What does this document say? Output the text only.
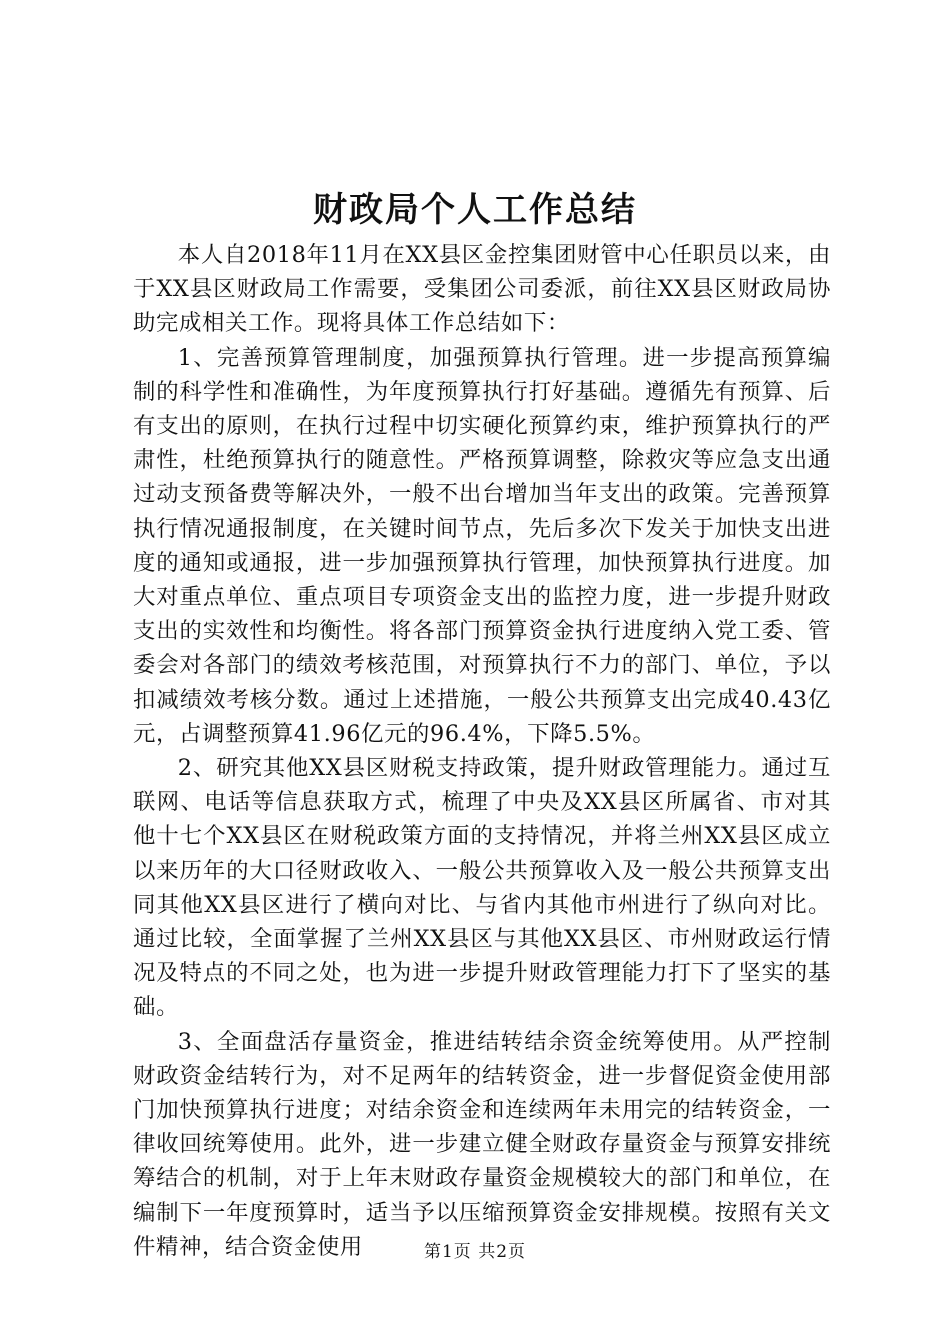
财政局个人工作总结

本人自2018年11月在XX县区金控集团财管中心任职员以来，由于XX县区财政局工作需要，受集团公司委派，前往XX县区财政局协助完成相关工作。现将具体工作总结如下：

1、完善预算管理制度，加强预算执行管理。进一步提高预算编制的科学性和准确性，为年度预算执行打好基础。遵循先有预算、后有支出的原则，在执行过程中切实硬化预算约束，维护预算执行的严肃性，杜绝预算执行的随意性。严格预算调整，除救灾等应急支出通过动支预备费等解决外，一般不出台增加当年支出的政策。完善预算执行情况通报制度，在关键时间节点，先后多次下发关于加快支出进度的通知或通报，进一步加强预算执行管理，加快预算执行进度。加大对重点单位、重点项目专项资金支出的监控力度，进一步提升财政支出的实效性和均衡性。将各部门预算资金执行进度纳入党工委、管委会对各部门的绩效考核范围，对预算执行不力的部门、单位，予以扣减绩效考核分数。通过上述措施，一般公共预算支出完成40.43亿元，占调整预算41.96亿元的96.4%，下降5.5%。

2、研究其他XX县区财税支持政策，提升财政管理能力。通过互联网、电话等信息获取方式，梳理了中央及XX县区所属省、市对其他十七个XX县区在财税政策方面的支持情况，并将兰州XX县区成立以来历年的大口径财政收入、一般公共预算收入及一般公共预算支出同其他XX县区进行了横向对比、与省内其他市州进行了纵向对比。通过比较，全面掌握了兰州XX县区与其他XX县区、市州财政运行情况及特点的不同之处，也为进一步提升财政管理能力打下了坚实的基础。

3、全面盘活存量资金，推进结转结余资金统筹使用。从严控制财政资金结转行为，对不足两年的结转资金，进一步督促资金使用部门加快预算执行进度；对结余资金和连续两年未用完的结转资金，一律收回统筹使用。此外，进一步建立健全财政存量资金与预算安排统筹结合的机制，对于上年末财政存量资金规模较大的部门和单位，在编制下一年度预算时，适当予以压缩预算资金安排规模。按照有关文件精神，结合资金使用	第1页 共2页
